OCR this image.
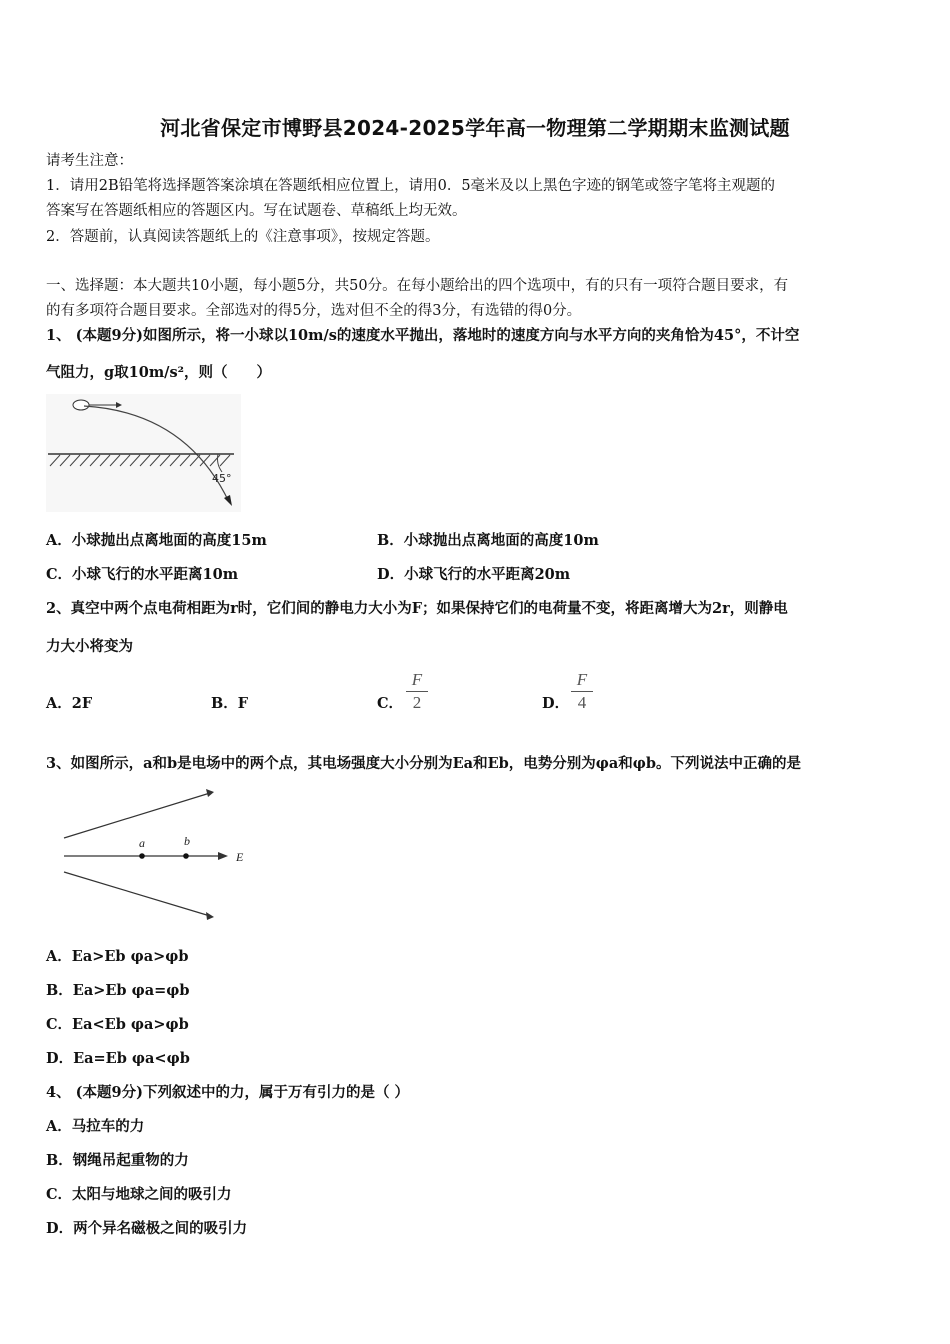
河北省保定市博野县2024-2025学年高一物理第二学期期末监测试题
请考生注意：
1．请用2B铅笔将选择题答案涂填在答题纸相应位置上，请用0．5毫米及以上黑色字迹的钢笔或签字笔将主观题的
答案写在答题纸相应的答题区内。写在试题卷、草稿纸上均无效。
2．答题前，认真阅读答题纸上的《注意事项》，按规定答题。
一、选择题：本大题共10小题，每小题5分，共50分。在每小题给出的四个选项中，有的只有一项符合题目要求，有
的有多项符合题目要求。全部选对的得5分，选对但不全的得3分，有选错的得0分。
1、 (本题9分)如图所示，将一小球以10m/s的速度水平抛出，落地时的速度方向与水平方向的夹角恰为45°，不计空
气阻力，g取10m/s²，则（　　）
45°
A．小球抛出点离地面的高度15m	B．小球抛出点离地面的高度10m
C．小球飞行的水平距离10m	D．小球飞行的水平距离20m
2、真空中两个点电荷相距为r时，它们间的静电力大小为F；如果保持它们的电荷量不变，将距离增大为2r，则静电
力大小将变为
A．2F	B．F	C．
F
2	D．
F
4
3、如图所示，a和b是电场中的两个点，其电场强度大小分别为Ea和Eb，电势分别为φa和φb。下列说法中正确的是
a	b
E
A．Ea>Eb φa>φb
B．Ea>Eb φa=φb
C．Ea<Eb φa>φb
D．Ea=Eb φa<φb
4、 (本题9分)下列叙述中的力，属于万有引力的是（ ）
A．马拉车的力
B．钢绳吊起重物的力
C．太阳与地球之间的吸引力
D．两个异名磁极之间的吸引力
